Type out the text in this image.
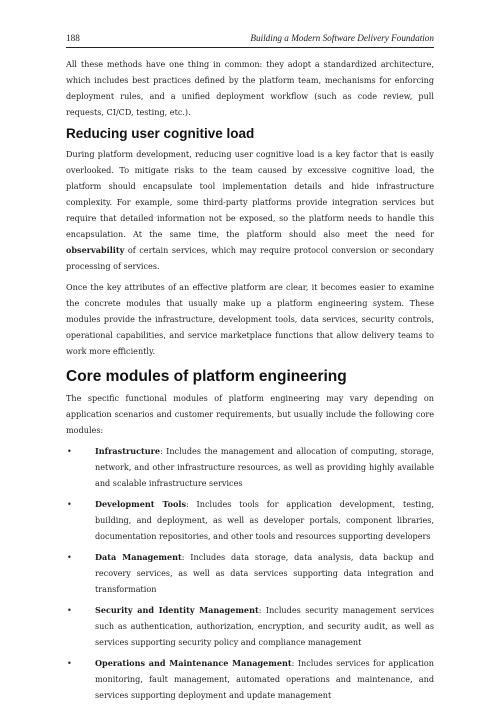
188	Building a Modern Software Delivery Foundation

All these methods have one thing in common: they adopt a standardized architecture, which includes best practices defined by the platform team, mechanisms for enforcing deployment rules, and a unified deployment workflow (such as code review, pull requests, CI/CD, testing, etc.).

Reducing user cognitive load

During platform development, reducing user cognitive load is a key factor that is easily overlooked. To mitigate risks to the team caused by excessive cognitive load, the platform should encapsulate tool implementation details and hide infrastructure complexity. For example, some third-party platforms provide integration services but require that detailed information not be exposed, so the platform needs to handle this encapsulation. At the same time, the platform should also meet the need for observability of certain services, which may require protocol conversion or secondary processing of services.

Once the key attributes of an effective platform are clear, it becomes easier to examine the concrete modules that usually make up a platform engineering system. These modules provide the infrastructure, development tools, data services, security controls, operational capabilities, and service marketplace functions that allow delivery teams to work more efficiently.

Core modules of platform engineering

The specific functional modules of platform engineering may vary depending on application scenarios and customer requirements, but usually include the following core modules:

•	Infrastructure: Includes the management and allocation of computing, storage, network, and other infrastructure resources, as well as providing highly available and scalable infrastructure services
•	Development Tools: Includes tools for application development, testing, building, and deployment, as well as developer portals, component libraries, documentation repositories, and other tools and resources supporting developers
•	Data Management: Includes data storage, data analysis, data backup and recovery services, as well as data services supporting data integration and transformation
•	Security and Identity Management: Includes security management services such as authentication, authorization, encryption, and security audit, as well as services supporting security policy and compliance management
•	Operations and Maintenance Management: Includes services for application monitoring, fault management, automated operations and maintenance, and services supporting deployment and update management
